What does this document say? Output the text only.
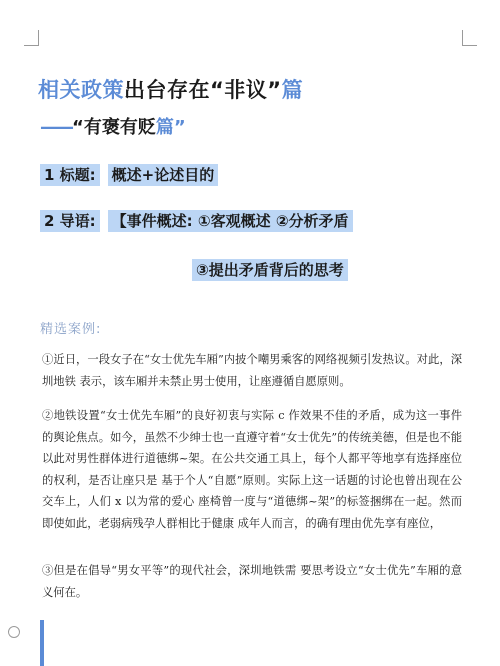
相关政策出台存在“非议”篇
——“有褒有贬篇”
1 标题: 概述+论述目的
2 导语: 【事件概述: ①客观概述 ②分析矛盾
③提出矛盾背后的思考
精选案例:
①近日，一段女子在“女士优先车厢”内披个嘲男乘客的网络视频引发热议。对此，深圳地铁 表示，该车厢并未禁止男士使用，让座遵循自愿原则。
②地铁设置“女士优先车厢”的良好初衷与实际 c 作效果不佳的矛盾，成为这一事件的舆论焦点。如今，虽然不少绅士也一直遵守着“女士优先”的传统美德，但是也不能以此对男性群体进行道德绑~架。在公共交通工具上，每个人都平等地享有选择座位的权利，是否让座只是 基于个人“自愿”原则。实际上这一话题的讨论也曾出现在公交车上，人们 x 以为常的爱心 座椅曾一度与“道德绑~架”的标签捆绑在一起。然而即使如此，老弱病残孕人群相比于健康 成年人而言，的确有理由优先享有座位，
③但是在倡导“男女平等”的现代社会，深圳地铁需 要思考设立“女士优先”车厢的意义何在。
